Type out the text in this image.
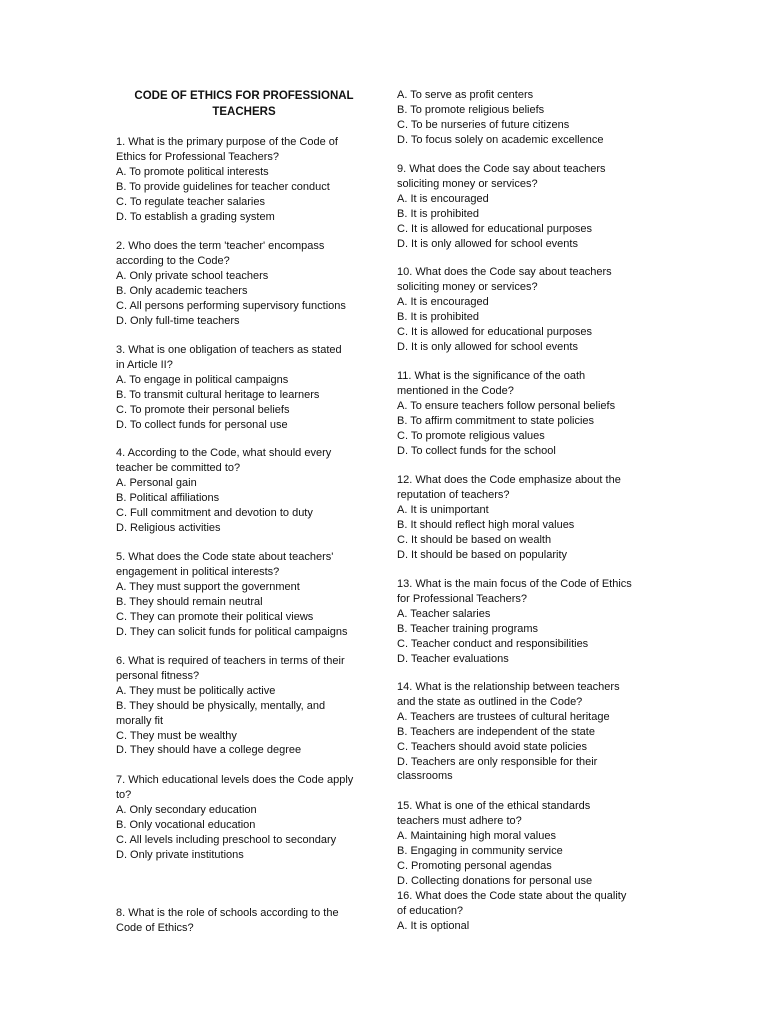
CODE OF ETHICS FOR PROFESSIONAL
TEACHERS
1. What is the primary purpose of the Code of
Ethics for Professional Teachers?
A. To promote political interests
B. To provide guidelines for teacher conduct
C. To regulate teacher salaries
D. To establish a grading system
2. Who does the term 'teacher' encompass
according to the Code?
A. Only private school teachers
B. Only academic teachers
C. All persons performing supervisory functions
D. Only full-time teachers
3. What is one obligation of teachers as stated
in Article II?
A. To engage in political campaigns
B. To transmit cultural heritage to learners
C. To promote their personal beliefs
D. To collect funds for personal use
4. According to the Code, what should every
teacher be committed to?
A. Personal gain
B. Political affiliations
C. Full commitment and devotion to duty
D. Religious activities
5. What does the Code state about teachers'
engagement in political interests?
A. They must support the government
B. They should remain neutral
C. They can promote their political views
D. They can solicit funds for political campaigns
6. What is required of teachers in terms of their
personal fitness?
A. They must be politically active
B. They should be physically, mentally, and
morally fit
C. They must be wealthy
D. They should have a college degree
7. Which educational levels does the Code apply
to?
A. Only secondary education
B. Only vocational education
C. All levels including preschool to secondary
D. Only private institutions
8. What is the role of schools according to the
Code of Ethics?
A. To serve as profit centers
B. To promote religious beliefs
C. To be nurseries of future citizens
D. To focus solely on academic excellence
9. What does the Code say about teachers
soliciting money or services?
A. It is encouraged
B. It is prohibited
C. It is allowed for educational purposes
D. It is only allowed for school events
10. What does the Code say about teachers
soliciting money or services?
A. It is encouraged
B. It is prohibited
C. It is allowed for educational purposes
D. It is only allowed for school events
11. What is the significance of the oath
mentioned in the Code?
A. To ensure teachers follow personal beliefs
B. To affirm commitment to state policies
C. To promote religious values
D. To collect funds for the school
12. What does the Code emphasize about the
reputation of teachers?
A. It is unimportant
B. It should reflect high moral values
C. It should be based on wealth
D. It should be based on popularity
13. What is the main focus of the Code of Ethics
for Professional Teachers?
A. Teacher salaries
B. Teacher training programs
C. Teacher conduct and responsibilities
D. Teacher evaluations
14. What is the relationship between teachers
and the state as outlined in the Code?
A. Teachers are trustees of cultural heritage
B. Teachers are independent of the state
C. Teachers should avoid state policies
D. Teachers are only responsible for their
classrooms
15. What is one of the ethical standards
teachers must adhere to?
A. Maintaining high moral values
B. Engaging in community service
C. Promoting personal agendas
D. Collecting donations for personal use
16. What does the Code state about the quality
of education?
A. It is optional
